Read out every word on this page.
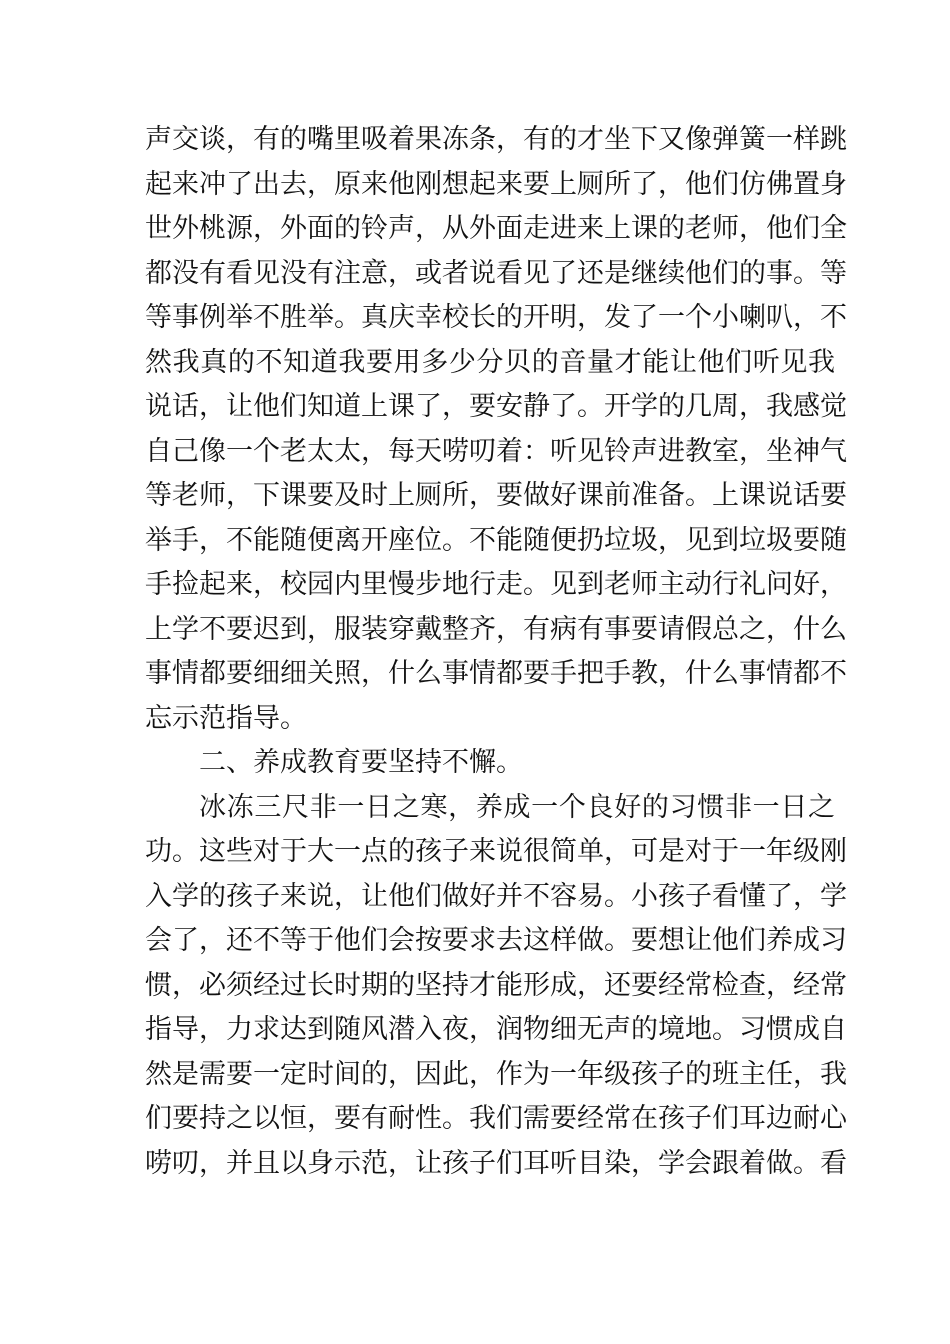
声交谈，有的嘴里吸着果冻条，有的才坐下又像弹簧一样跳
起来冲了出去，原来他刚想起来要上厕所了，他们仿佛置身
世外桃源，外面的铃声，从外面走进来上课的老师，他们全
都没有看见没有注意，或者说看见了还是继续他们的事。等
等事例举不胜举。真庆幸校长的开明，发了一个小喇叭，不
然我真的不知道我要用多少分贝的音量才能让他们听见我
说话，让他们知道上课了，要安静了。开学的几周，我感觉
自己像一个老太太，每天唠叨着：听见铃声进教室，坐神气
等老师，下课要及时上厕所，要做好课前准备。上课说话要
举手，不能随便离开座位。不能随便扔垃圾，见到垃圾要随
手捡起来，校园内里慢步地行走。见到老师主动行礼问好，
上学不要迟到，服装穿戴整齐，有病有事要请假总之，什么
事情都要细细关照，什么事情都要手把手教，什么事情都不
忘示范指导。
二、养成教育要坚持不懈。
冰冻三尺非一日之寒，养成一个良好的习惯非一日之
功。这些对于大一点的孩子来说很简单，可是对于一年级刚
入学的孩子来说，让他们做好并不容易。小孩子看懂了，学
会了，还不等于他们会按要求去这样做。要想让他们养成习
惯，必须经过长时期的坚持才能形成，还要经常检查，经常
指导，力求达到随风潜入夜，润物细无声的境地。习惯成自
然是需要一定时间的，因此，作为一年级孩子的班主任，我
们要持之以恒，要有耐性。我们需要经常在孩子们耳边耐心
唠叨，并且以身示范，让孩子们耳听目染，学会跟着做。看
